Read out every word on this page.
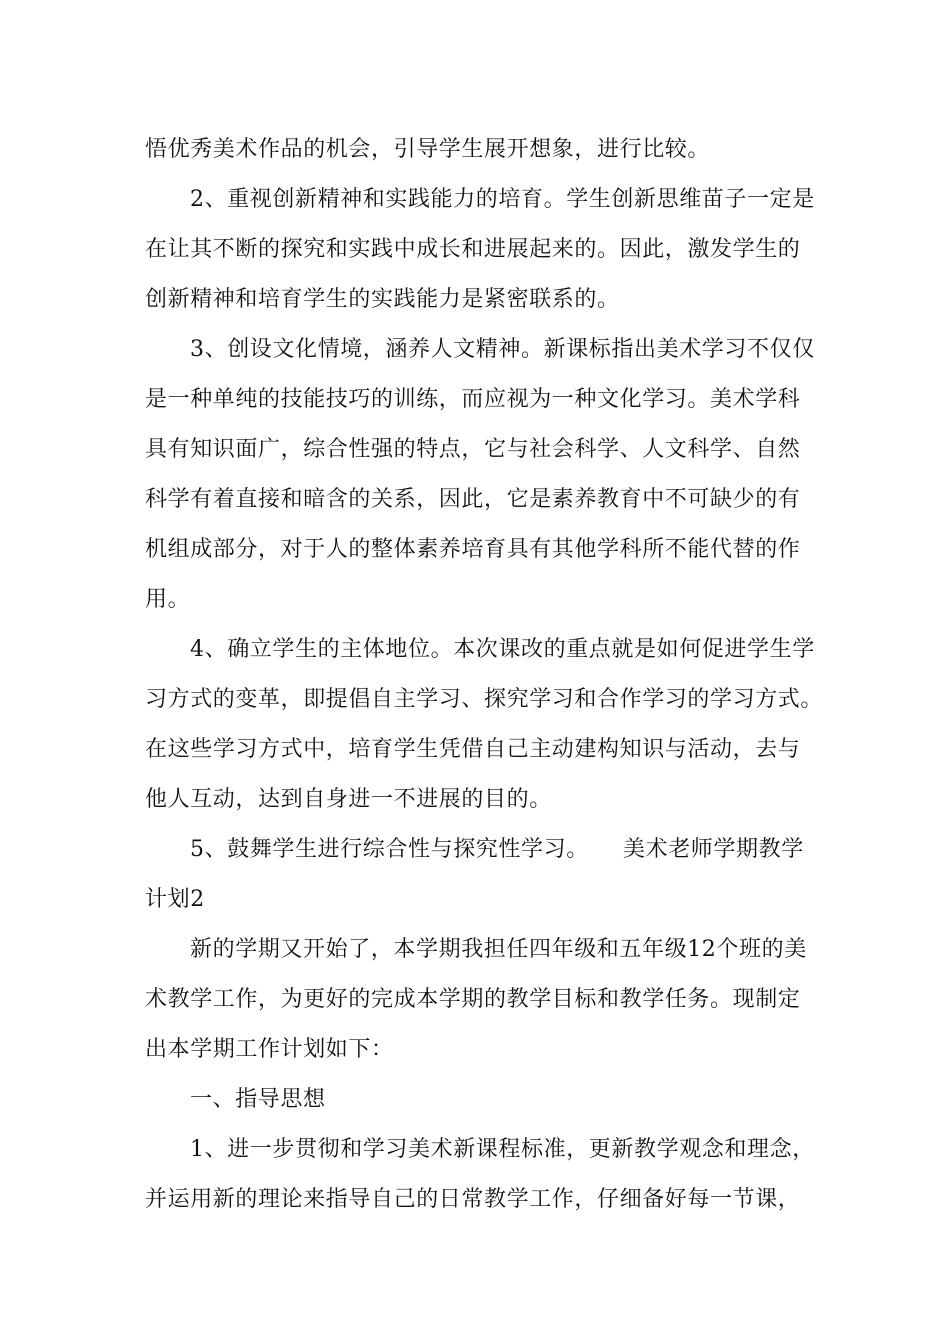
悟优秀美术作品的机会，引导学生展开想象，进行比较。
2、重视创新精神和实践能力的培育。学生创新思维苗子一定是
在让其不断的探究和实践中成长和进展起来的。因此，激发学生的
创新精神和培育学生的实践能力是紧密联系的。
3、创设文化情境，涵养人文精神。新课标指出美术学习不仅仅
是一种单纯的技能技巧的训练，而应视为一种文化学习。美术学科
具有知识面广，综合性强的特点，它与社会科学、人文科学、自然
科学有着直接和暗含的关系，因此，它是素养教育中不可缺少的有
机组成部分，对于人的整体素养培育具有其他学科所不能代替的作
用。
4、确立学生的主体地位。本次课改的重点就是如何促进学生学
习方式的变革，即提倡自主学习、探究学习和合作学习的学习方式。
在这些学习方式中，培育学生凭借自己主动建构知识与活动，去与
他人互动，达到自身进一不进展的目的。
5、鼓舞学生进行综合性与探究性学习。　　美术老师学期教学
计划2
新的学期又开始了，本学期我担任四年级和五年级12个班的美
术教学工作，为更好的完成本学期的教学目标和教学任务。现制定
出本学期工作计划如下：
一、指导思想
1、进一步贯彻和学习美术新课程标准，更新教学观念和理念，
并运用新的理论来指导自己的日常教学工作，仔细备好每一节课，
